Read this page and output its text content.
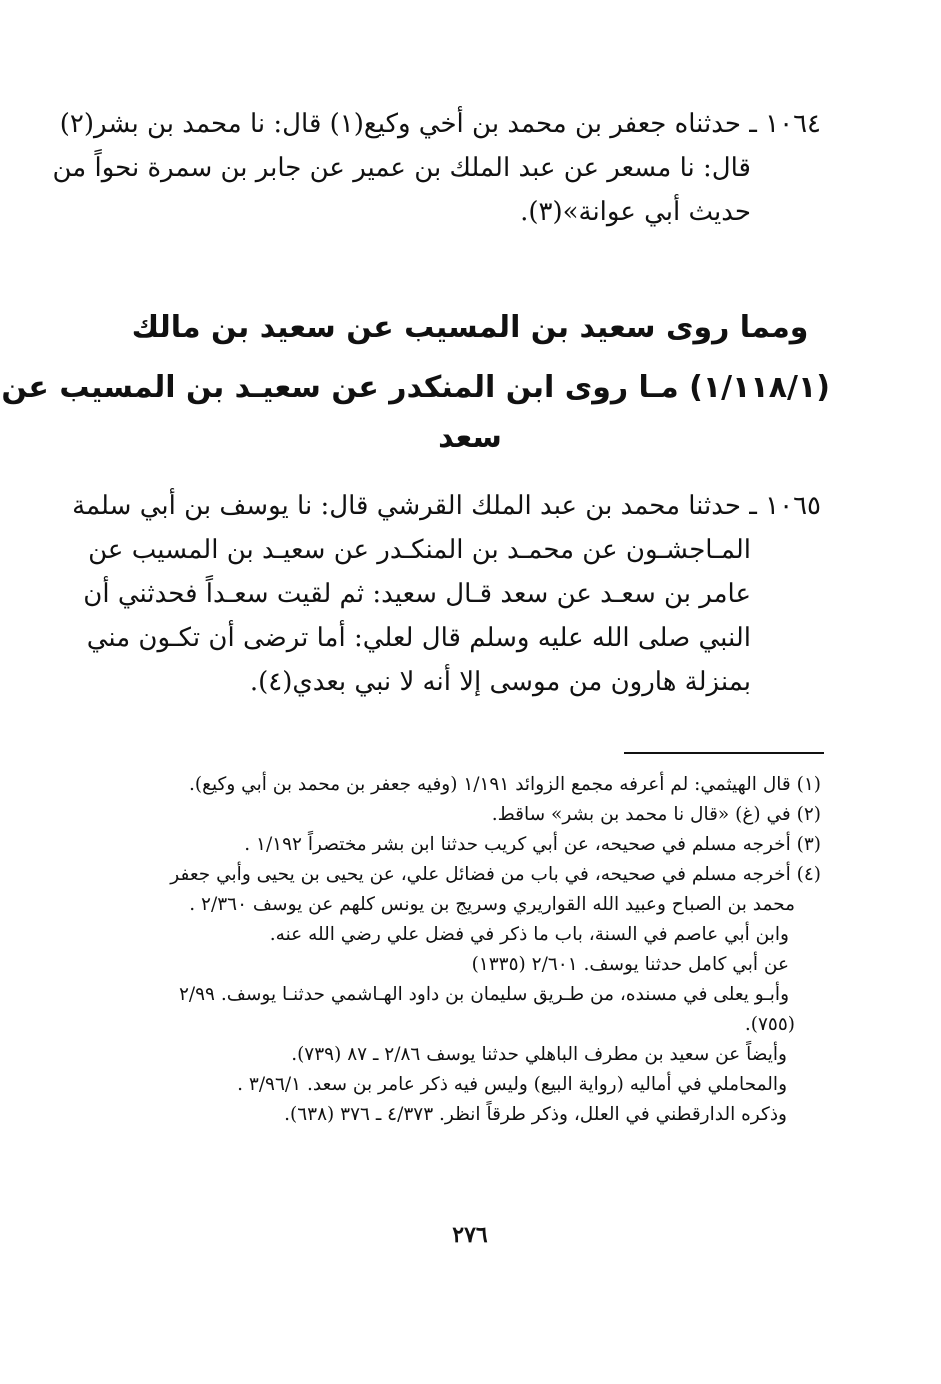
١٠٦٤ ـ حدثناه جعفر بن محمد بن أخي وكيع(١) قال: نا محمد بن بشر(٢)
قال: نا مسعر عن عبد الملك بن عمير عن جابر بن سمرة نحواً من
حديث أبي عوانة»(٣).
ومما روى سعيد بن المسيب عن سعيد بن مالك
(١/١١٨/١) مـا روى ابن المنكدر عن سعيـد بن المسيب عن
سعد
١٠٦٥ ـ حدثنا محمد بن عبد الملك القرشي قال: نا يوسف بن أبي سلمة
المـاجشـون عن محمـد بن المنكـدر عن سعيـد بن المسيب عن
عامر بن سعـد عن سعد قـال سعيد: ثم لقيت سعـداً فحدثني أن
النبي صلى الله عليه وسلم قال لعلي: أما ترضى أن تكـون مني
بمنزلة هارون من موسى إلا أنه لا نبي بعدي(٤).
(١) قال الهيثمي: لم أعرفه مجمع الزوائد ١/١٩١ (وفيه جعفر بن محمد بن أبي وكيع).
(٢) في (غ) «قال نا محمد بن بشر» ساقط.
(٣) أخرجه مسلم في صحيحه، عن أبي كريب حدثنا ابن بشر مختصراً ١/١٩٢ .
(٤) أخرجه مسلم في صحيحه، في باب من فضائل علي، عن يحيى بن يحيى وأبي جعفر
محمد بن الصباح وعبيد الله القواريري وسريج بن يونس كلهم عن يوسف ٢/٣٦٠ .
وابن أبي عاصم في السنة، باب ما ذكر في فضل علي رضي الله عنه.
عن أبي كامل حدثنا يوسف. ٢/٦٠١ (١٣٣٥)
وأبـو يعلى في مسنده، من طـريق سليمان بن داود الهـاشمي حدثنـا يوسف. ٢/٩٩
(٧٥٥).
وأيضاً عن سعيد بن مطرف الباهلي حدثنا يوسف ٢/٨٦ ـ ٨٧ (٧٣٩).
والمحاملي في أماليه (رواية البيع) وليس فيه ذكر عامر بن سعد. ٣/٩٦/١ .
وذكره الدارقطني في العلل، وذكر طرقاً انظر. ٤/٣٧٣ ـ ٣٧٦ (٦٣٨).
٢٧٦
